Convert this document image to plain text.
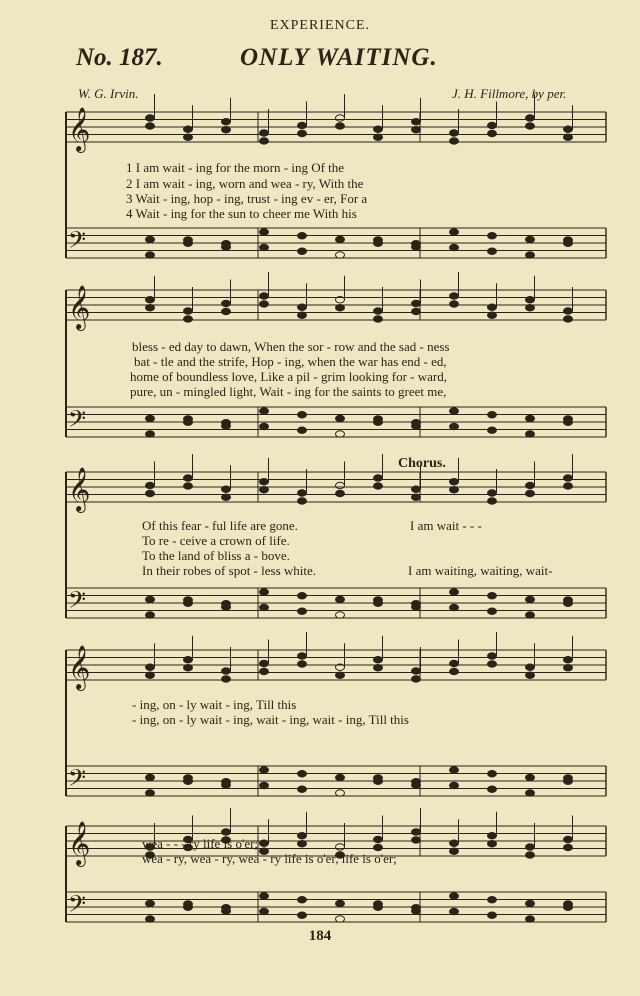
𝄞
𝄢
𝄞
𝄢
𝄞
𝄢
𝄞
𝄢
𝄞
𝄢
EXPERIENCE.
No. 187.	ONLY WAITING.
W. G. Irvin.	J. H. Fillmore, by per.
1 I am wait - ing for the morn - ing Of the
2 I am wait - ing, worn and wea - ry, With the
3 Wait - ing, hop - ing, trust - ing ev - er, For a
4 Wait - ing for the sun to cheer me With his
bless - ed day to dawn, When the sor - row and the sad - ness
bat - tle and the strife, Hop - ing, when the war has end - ed,
home of boundless love, Like a pil - grim looking for - ward,
pure, un - mingled light, Wait - ing for the saints to greet me,
Chorus.
Of this fear - ful life are gone.
To re - ceive a crown of life.
To the land of bliss a - bove.
In their robes of spot - less white.
I am wait - - -
I am waiting, waiting, wait-
- ing, on - ly wait - ing, Till this
- ing, on - ly wait - ing, wait - ing, wait - ing, Till this
wea - - - ry life is o'er;
wea - ry, wea - ry, wea - ry life is o'er, life is o'er;
184
